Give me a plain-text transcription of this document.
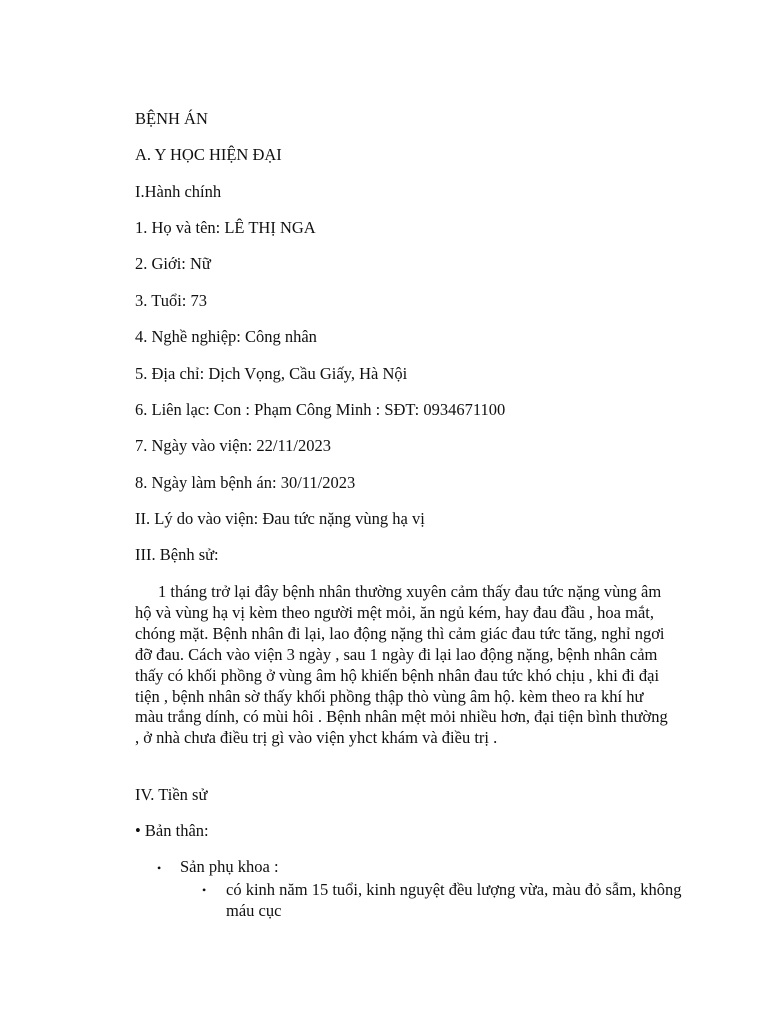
BỆNH ÁN
A. Y HỌC HIỆN ĐẠI
I.Hành chính
1. Họ và tên: LÊ THỊ NGA
2. Giới: Nữ
3. Tuổi: 73
4. Nghề nghiệp: Công nhân
5. Địa chỉ: Dịch Vọng, Cầu Giấy, Hà Nội
6. Liên lạc: Con : Phạm Công Minh : SĐT: 0934671100
7. Ngày vào viện: 22/11/2023
8. Ngày làm bệnh án: 30/11/2023
II. Lý do vào viện: Đau tức nặng vùng hạ vị
III. Bệnh sử:
1 tháng trở lại đây bệnh nhân thường xuyên cảm thấy đau tức nặng vùng âm hộ và vùng hạ vị kèm theo người mệt mỏi, ăn ngủ kém, hay đau đầu , hoa mắt, chóng mặt. Bệnh nhân đi lại, lao động nặng thì cảm giác đau tức tăng, nghỉ ngơi đỡ đau. Cách vào viện 3 ngày , sau 1 ngày đi lại lao động nặng, bệnh nhân cảm thấy có khối phồng ở vùng âm hộ khiến bệnh nhân đau tức khó chịu , khi đi đại tiện , bệnh nhân sờ thấy khối phồng thập thò vùng âm hộ. kèm theo ra khí hư màu trắng dính, có mùi hôi . Bệnh nhân mệt mỏi nhiều hơn, đại tiện bình thường , ở nhà chưa điều trị gì vào viện yhct khám và điều trị .
IV. Tiền sử
• Bản thân:
• Sản phụ khoa :
• có kinh năm 15 tuổi, kinh nguyệt đều lượng vừa, màu đỏ sẫm, không máu cục
